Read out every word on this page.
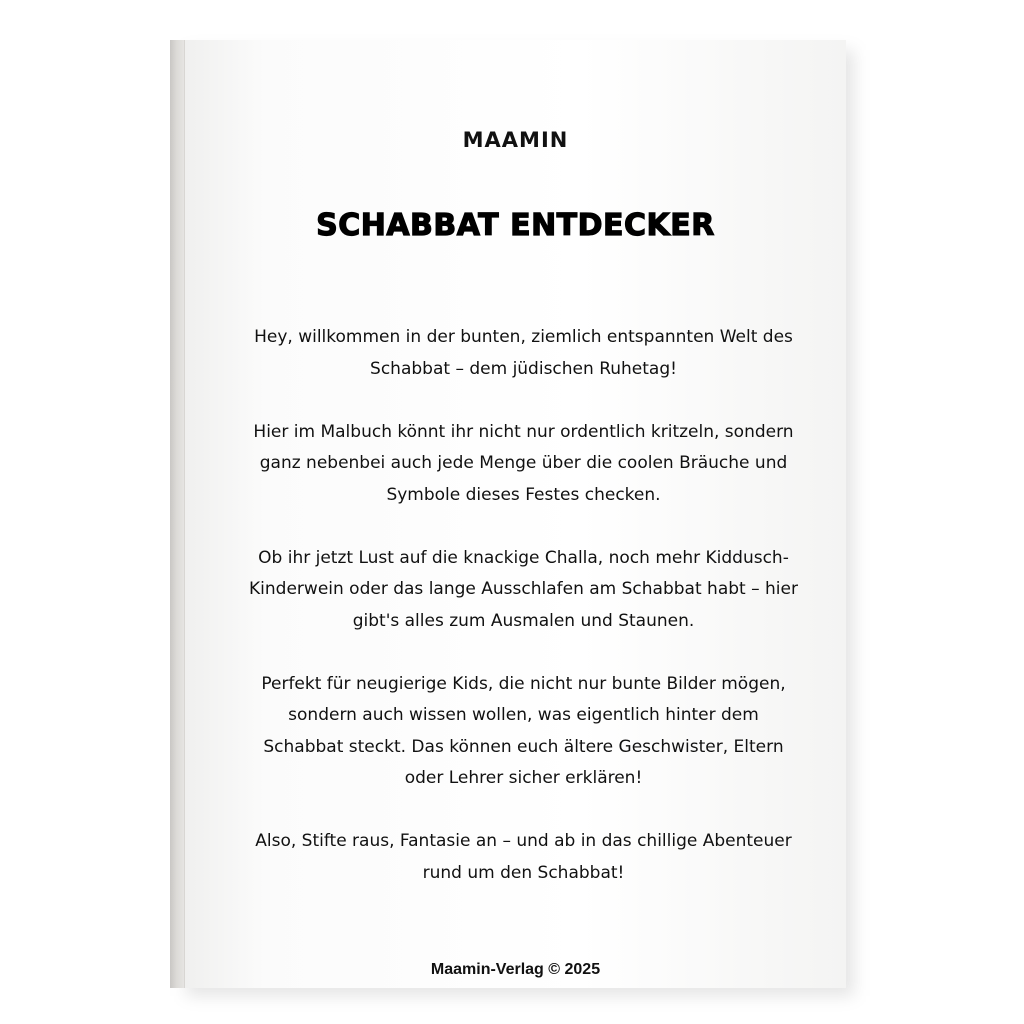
MAAMIN
SCHABBAT ENTDECKER

Hey, willkommen in der bunten, ziemlich entspannten Welt des Schabbat – dem jüdischen Ruhetag!

Hier im Malbuch könnt ihr nicht nur ordentlich kritzeln, sondern ganz nebenbei auch jede Menge über die coolen Bräuche und Symbole dieses Festes checken.

Ob ihr jetzt Lust auf die knackige Challa, noch mehr Kiddusch-Kinderwein oder das lange Ausschlafen am Schabbat habt – hier gibt's alles zum Ausmalen und Staunen.

Perfekt für neugierige Kids, die nicht nur bunte Bilder mögen, sondern auch wissen wollen, was eigentlich hinter dem Schabbat steckt. Das können euch ältere Geschwister, Eltern oder Lehrer sicher erklären!

Also, Stifte raus, Fantasie an – und ab in das chillige Abenteuer rund um den Schabbat!

Maamin-Verlag © 2025
